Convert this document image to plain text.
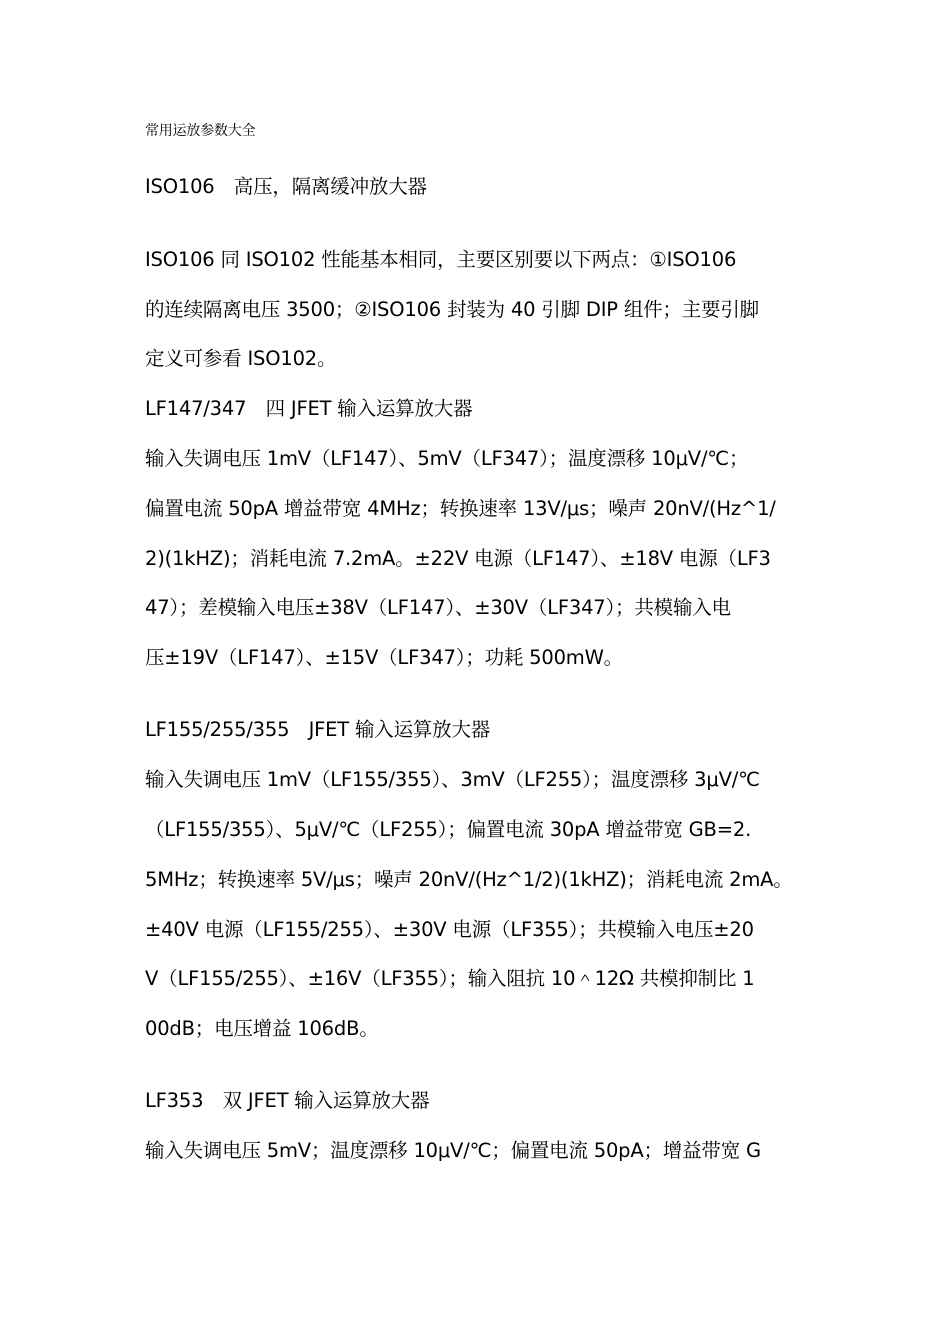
常用运放参数大全
ISO106　高压，隔离缓冲放大器
ISO106 同 ISO102 性能基本相同，主要区别要以下两点：①ISO106
的连续隔离电压 3500；②ISO106 封装为 40 引脚 DIP 组件；主要引脚
定义可参看 ISO102。
LF147/347　四 JFET 输入运算放大器
输入失调电压 1mV（LF147）、5mV（LF347）；温度漂移 10μV/℃；
偏置电流 50pA 增益带宽 4MHz；转换速率 13V/μs；噪声 20nV/(Hz^1/
2)(1kHZ)；消耗电流 7.2mA。±22V 电源（LF147）、±18V 电源（LF3
47）；差模输入电压±38V（LF147）、±30V（LF347）；共模输入电
压±19V（LF147）、±15V（LF347）；功耗 500mW。
LF155/255/355　JFET 输入运算放大器
输入失调电压 1mV（LF155/355）、3mV（LF255）；温度漂移 3μV/℃
（LF155/355）、5μV/℃（LF255）；偏置电流 30pA 增益带宽 GB=2.
5MHz；转换速率 5V/μs；噪声 20nV/(Hz^1/2)(1kHZ)；消耗电流 2mA。
±40V 电源（LF155/255）、±30V 电源（LF355）；共模输入电压±20
V（LF155/255）、±16V（LF355）；输入阻抗 10＾12Ω 共模抑制比 1
00dB；电压增益 106dB。
LF353　双 JFET 输入运算放大器
输入失调电压 5mV；温度漂移 10μV/℃；偏置电流 50pA；增益带宽 G
